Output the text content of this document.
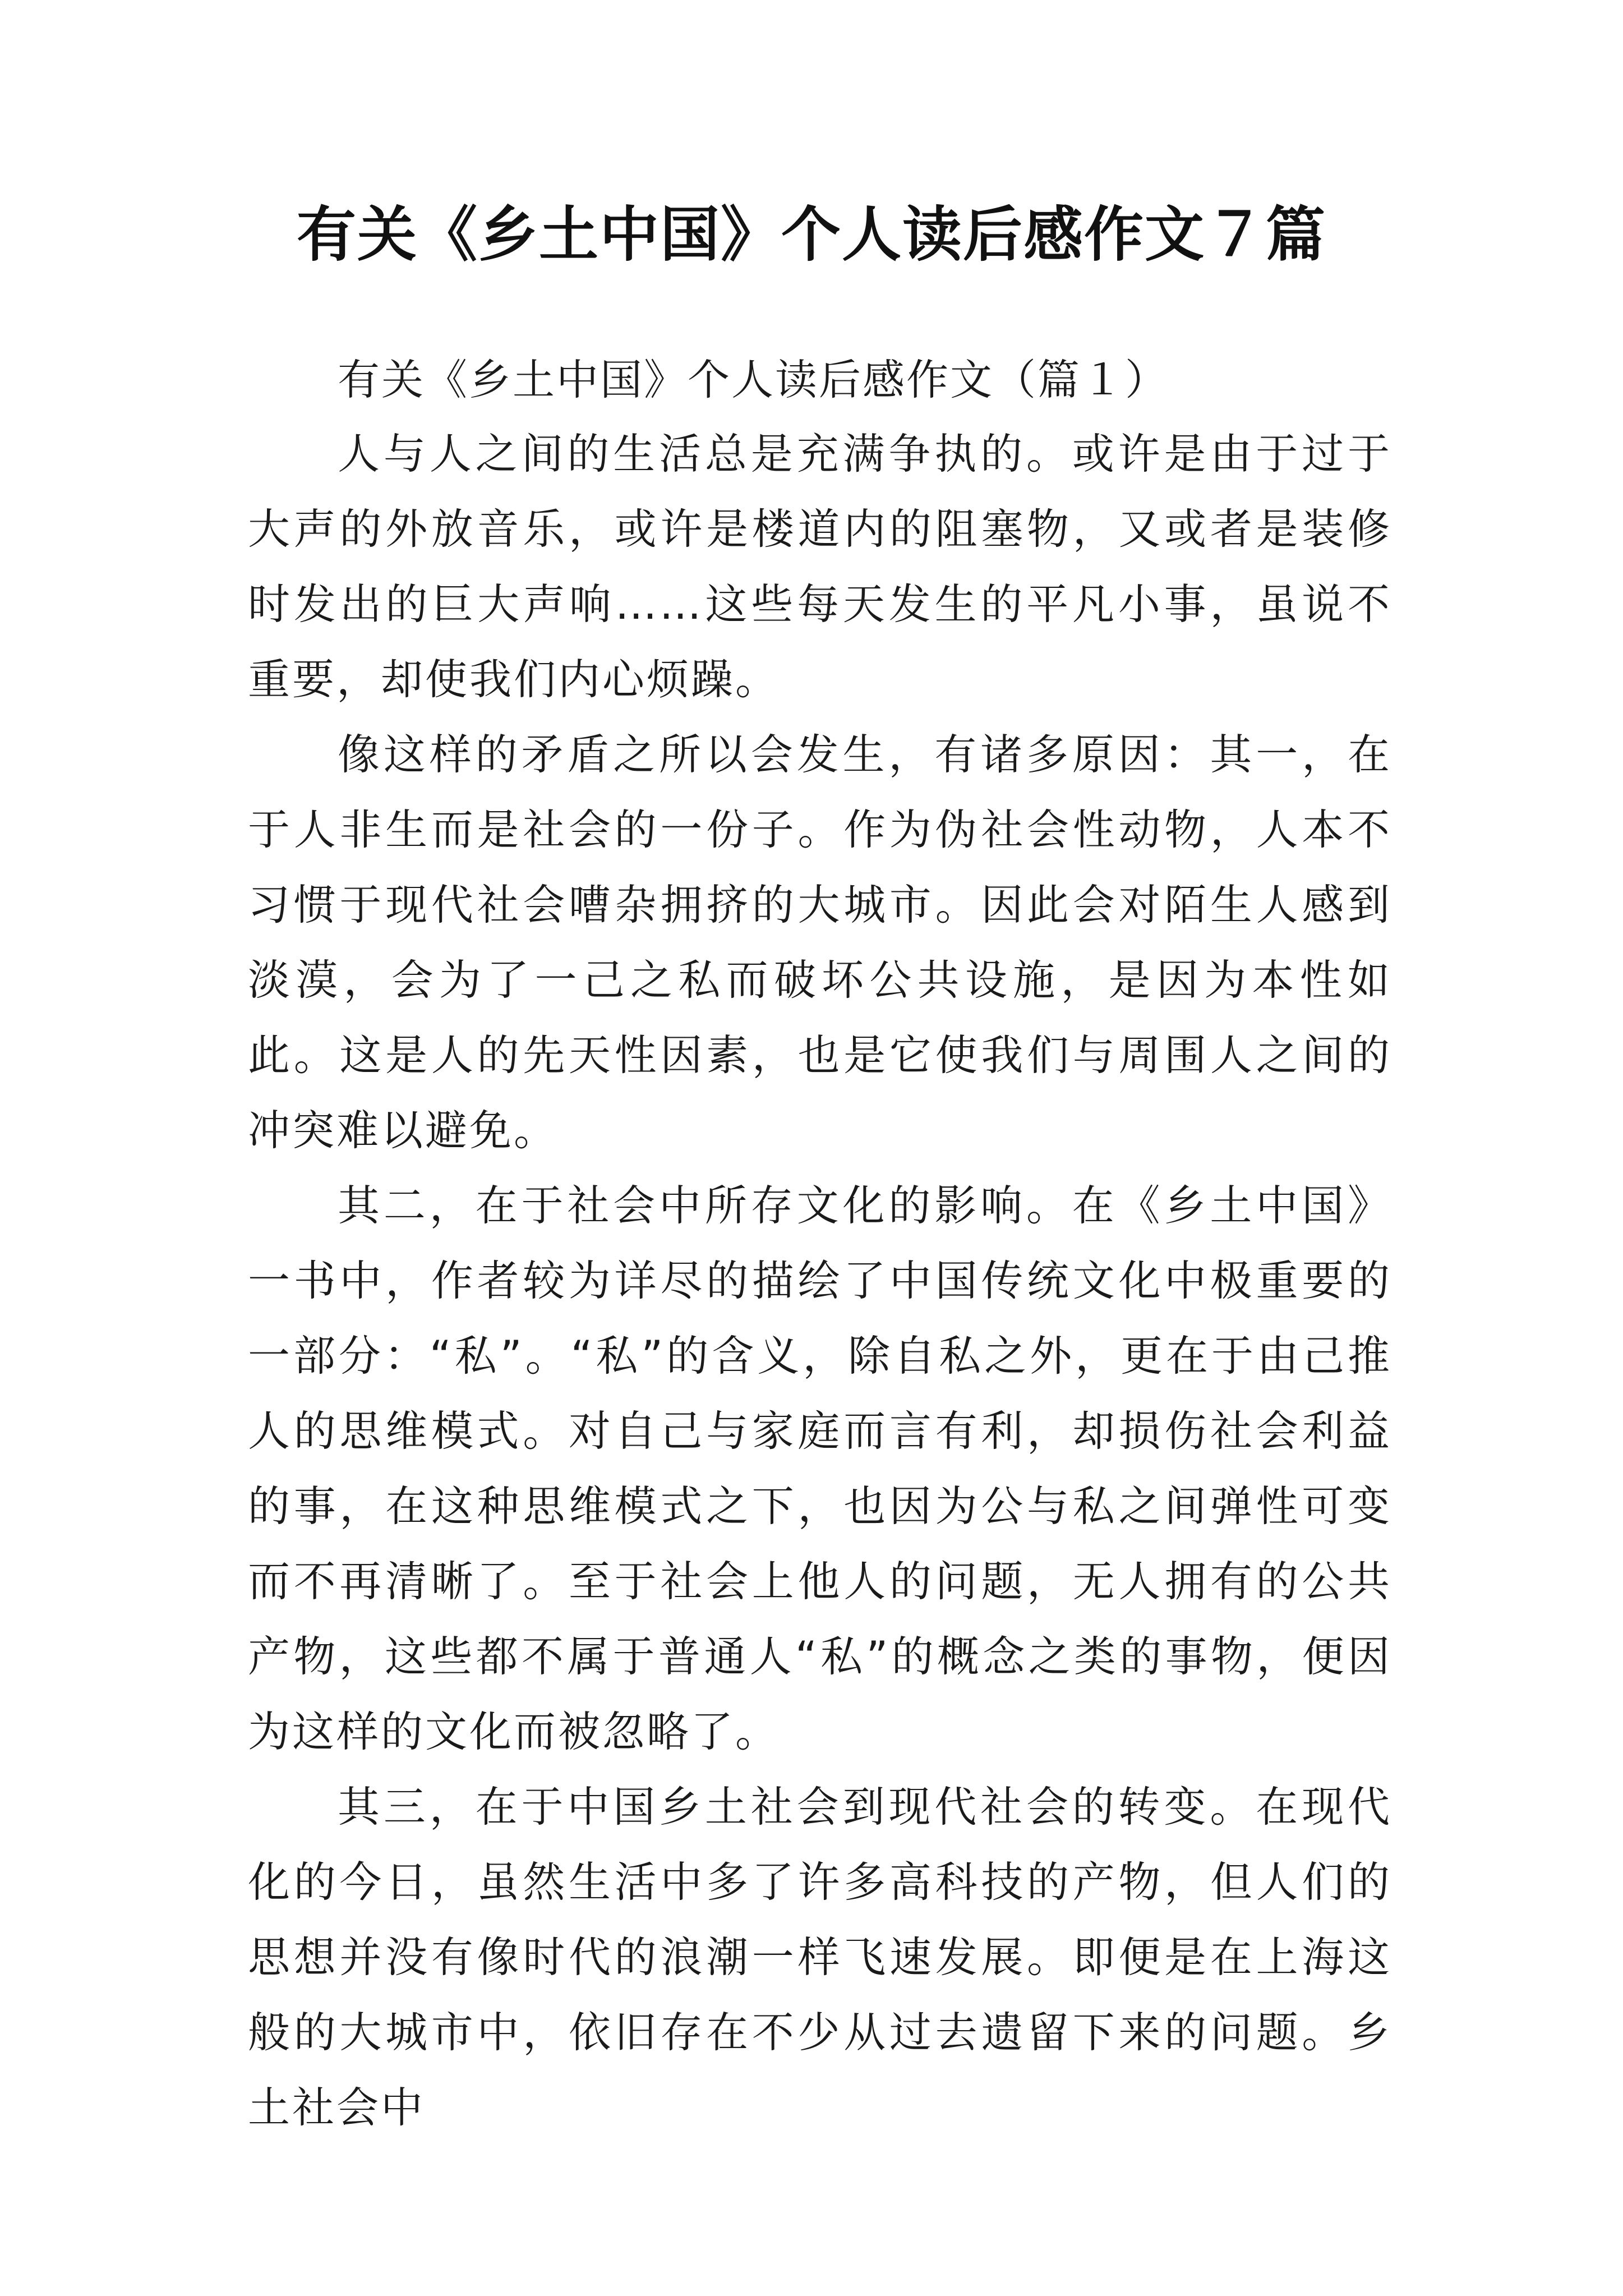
有关《乡土中国》个人读后感作文７篇

有关《乡土中国》个人读后感作文（篇１）

人与人之间的生活总是充满争执的。或许是由于过于大声的外放音乐，或许是楼道内的阻塞物，又或者是装修时发出的巨大声响……这些每天发生的平凡小事，虽说不重要，却使我们内心烦躁。

像这样的矛盾之所以会发生，有诸多原因：其一，在于人非生而是社会的一份子。作为伪社会性动物，人本不习惯于现代社会嘈杂拥挤的大城市。因此会对陌生人感到淡漠，会为了一己之私而破坏公共设施，是因为本性如此。这是人的先天性因素，也是它使我们与周围人之间的冲突难以避免。

其二，在于社会中所存文化的影响。在《乡土中国》一书中，作者较为详尽的描绘了中国传统文化中极重要的一部分：“私”。“私”的含义，除自私之外，更在于由己推人的思维模式。对自己与家庭而言有利，却损伤社会利益的事，在这种思维模式之下，也因为公与私之间弹性可变而不再清晰了。至于社会上他人的问题，无人拥有的公共产物，这些都不属于普通人“私”的概念之类的事物，便因为这样的文化而被忽略了。

其三，在于中国乡土社会到现代社会的转变。在现代化的今日，虽然生活中多了许多高科技的产物，但人们的思想并没有像时代的浪潮一样飞速发展。即便是在上海这般的大城市中，依旧存在不少从过去遗留下来的问题。乡土社会中
